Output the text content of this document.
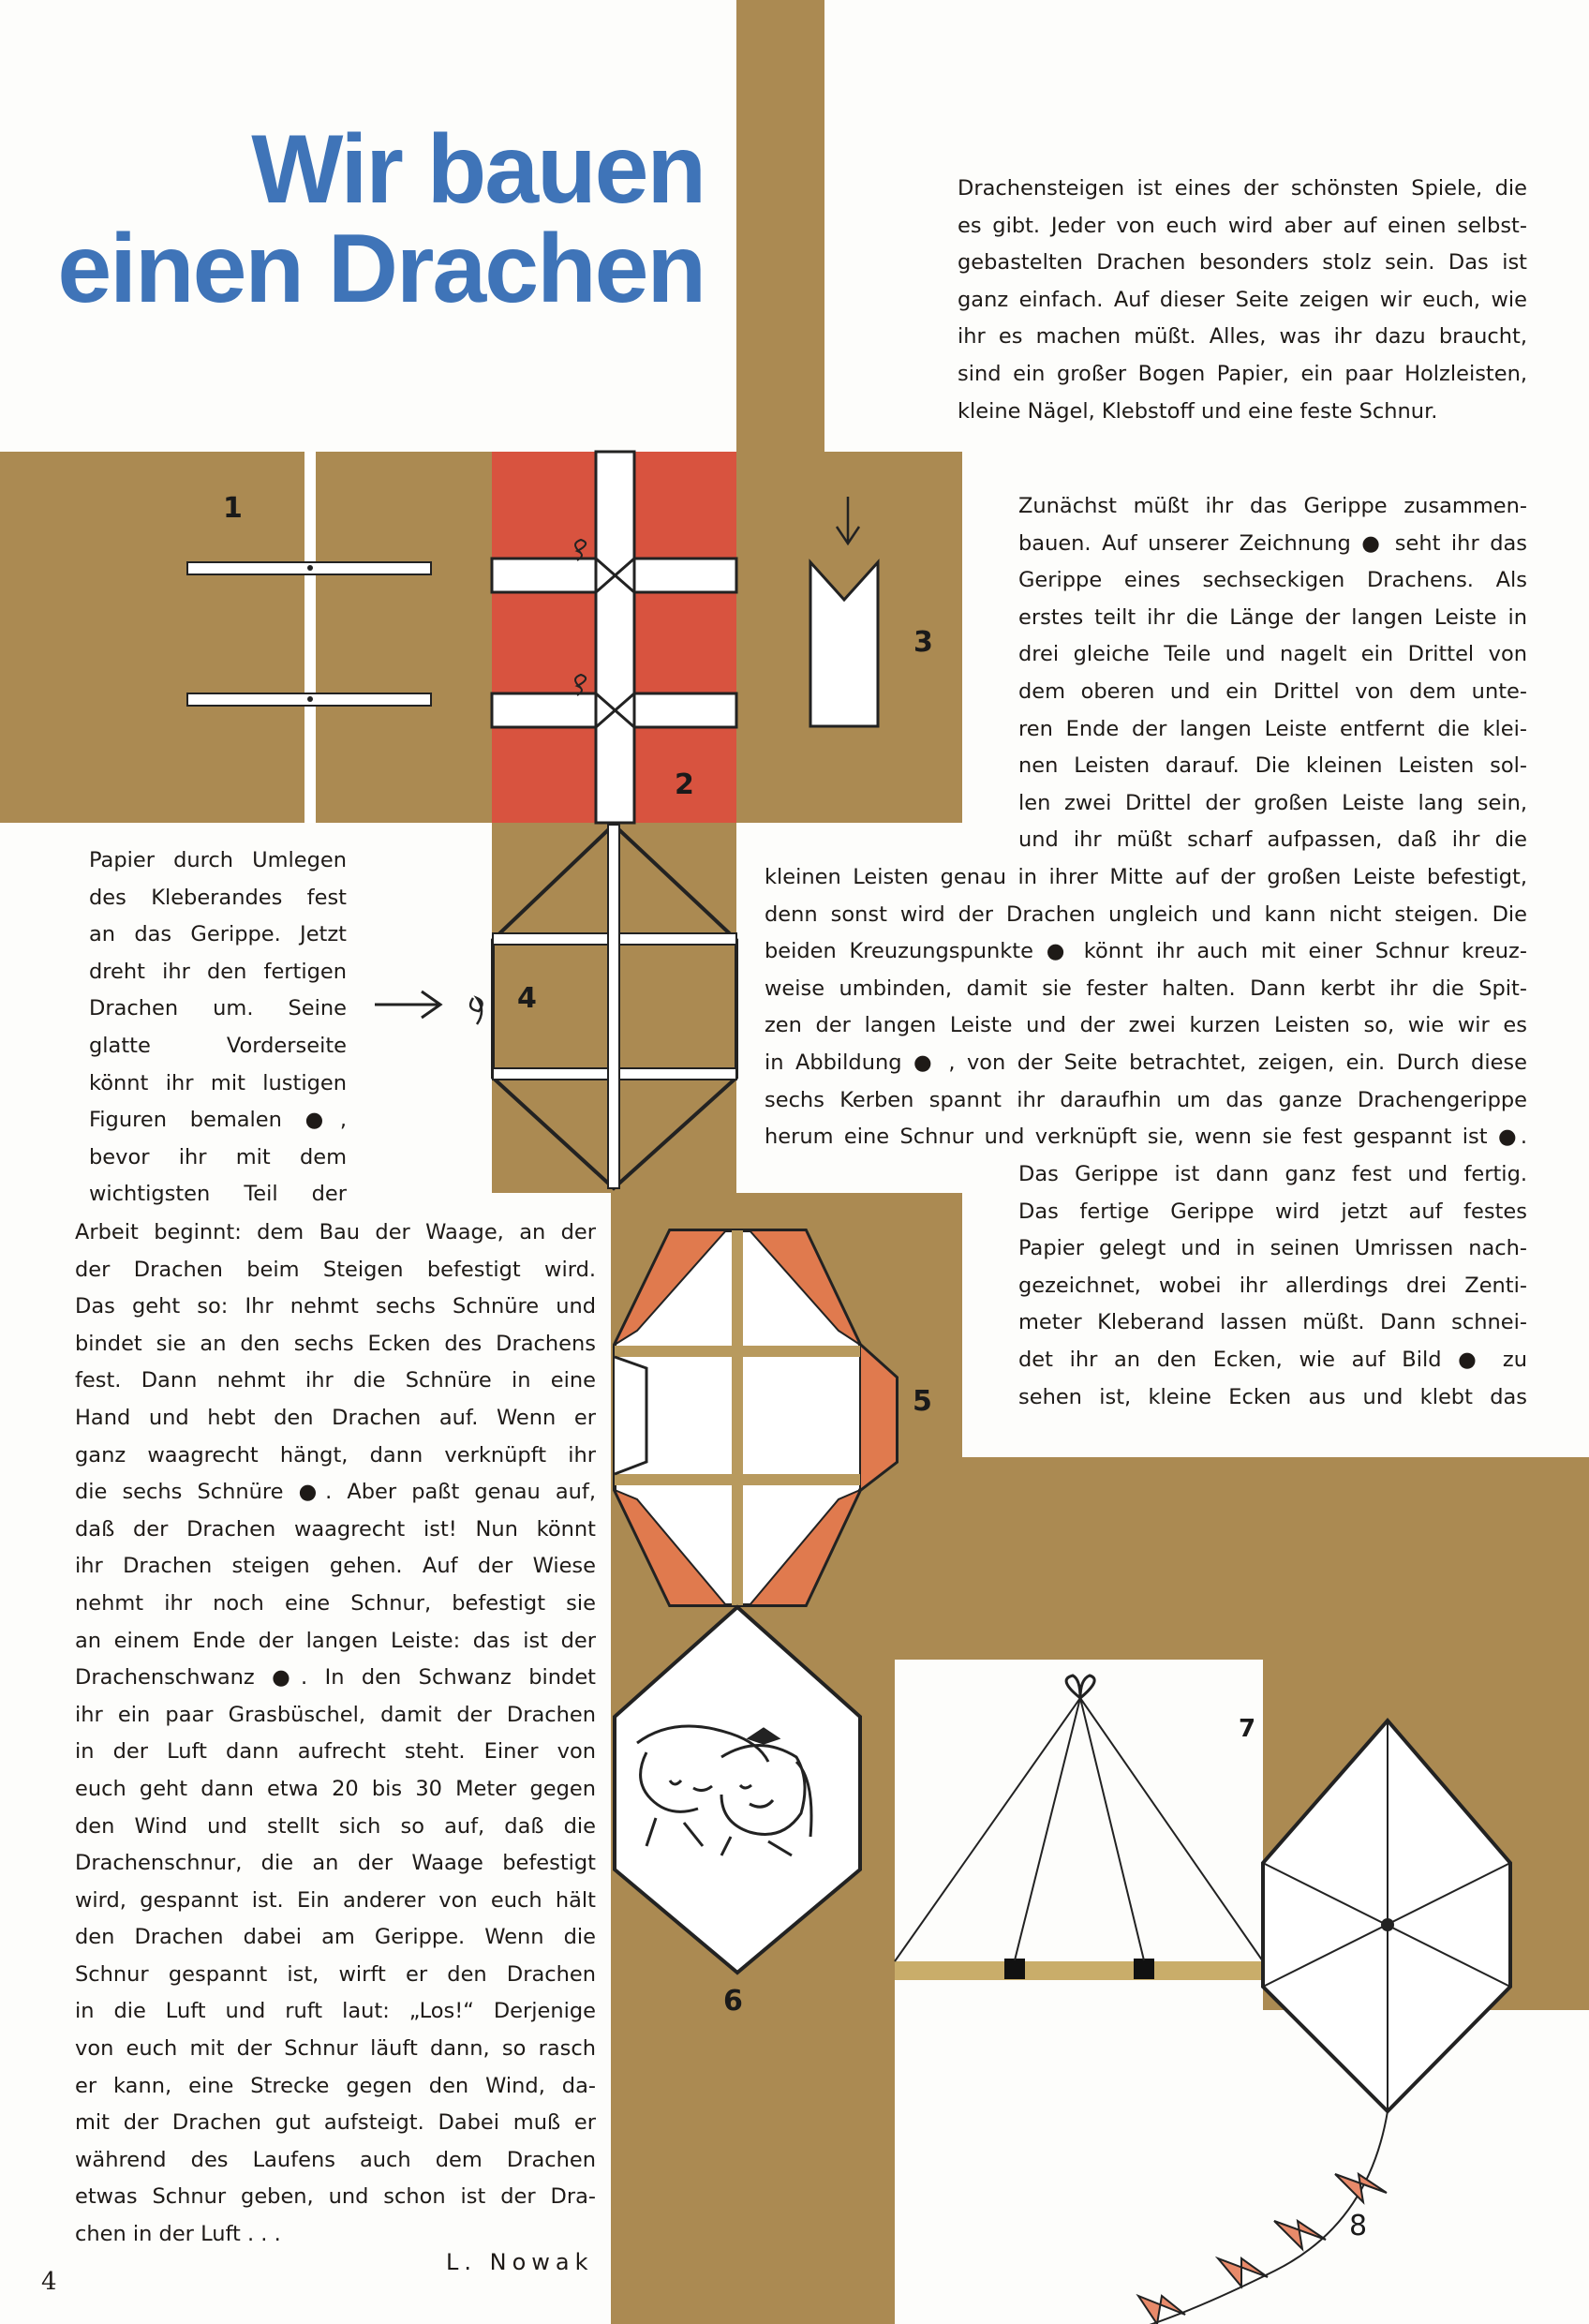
Wir bauen
einen Drachen
Drachensteigen ist eines der schönsten Spiele, die
es gibt. Jeder von euch wird aber auf einen selbst-
gebastelten Drachen besonders stolz sein. Das ist
ganz einfach. Auf dieser Seite zeigen wir euch, wie
ihr es machen müßt. Alles, was ihr dazu braucht,
sind ein großer Bogen Papier, ein paar Holzleisten,
kleine Nägel, Klebstoff und eine feste Schnur.
Zunächst müßt ihr das Gerippe zusammen-
bauen. Auf unserer Zeichnung ● seht ihr das
Gerippe eines sechseckigen Drachens. Als
erstes teilt ihr die Länge der langen Leiste in
drei gleiche Teile und nagelt ein Drittel von
dem oberen und ein Drittel von dem unte-
ren Ende der langen Leiste entfernt die klei-
nen Leisten darauf. Die kleinen Leisten sol-
len zwei Drittel der großen Leiste lang sein,
und ihr müßt scharf aufpassen, daß ihr die
kleinen Leisten genau in ihrer Mitte auf der großen Leiste befestigt,
denn sonst wird der Drachen ungleich und kann nicht steigen. Die
beiden Kreuzungspunkte ● könnt ihr auch mit einer Schnur kreuz-
weise umbinden, damit sie fester halten. Dann kerbt ihr die Spit-
zen der langen Leiste und der zwei kurzen Leisten so, wie wir es
in Abbildung ● , von der Seite betrachtet, zeigen, ein. Durch diese
sechs Kerben spannt ihr daraufhin um das ganze Drachengerippe
herum eine Schnur und verknüpft sie, wenn sie fest gespannt ist ●.
Das Gerippe ist dann ganz fest und fertig.
Das fertige Gerippe wird jetzt auf festes
Papier gelegt und in seinen Umrissen nach-
gezeichnet, wobei ihr allerdings drei Zenti-
meter Kleberand lassen müßt. Dann schnei-
det ihr an den Ecken, wie auf Bild ● zu
sehen ist, kleine Ecken aus und klebt das
Papier durch Umlegen
des Kleberandes fest
an das Gerippe. Jetzt
dreht ihr den fertigen
Drachen um. Seine
glatte Vorderseite
könnt ihr mit lustigen
Figuren bemalen ●,
bevor ihr mit dem
wichtigsten Teil der
Arbeit beginnt: dem Bau der Waage, an der
der Drachen beim Steigen befestigt wird.
Das geht so: Ihr nehmt sechs Schnüre und
bindet sie an den sechs Ecken des Drachens
fest. Dann nehmt ihr die Schnüre in eine
Hand und hebt den Drachen auf. Wenn er
ganz waagrecht hängt, dann verknüpft ihr
die sechs Schnüre ●. Aber paßt genau auf,
daß der Drachen waagrecht ist! Nun könnt
ihr Drachen steigen gehen. Auf der Wiese
nehmt ihr noch eine Schnur, befestigt sie
an einem Ende der langen Leiste: das ist der
Drachenschwanz ●. In den Schwanz bindet
ihr ein paar Grasbüschel, damit der Drachen
in der Luft dann aufrecht steht. Einer von
euch geht dann etwa 20 bis 30 Meter gegen
den Wind und stellt sich so auf, daß die
Drachenschnur, die an der Waage befestigt
wird, gespannt ist. Ein anderer von euch hält
den Drachen dabei am Gerippe. Wenn die
Schnur gespannt ist, wirft er den Drachen
in die Luft und ruft laut: „Los!“ Derjenige
von euch mit der Schnur läuft dann, so rasch
er kann, eine Strecke gegen den Wind, da-
mit der Drachen gut aufsteigt. Dabei muß er
während des Laufens auch dem Drachen
etwas Schnur geben, und schon ist der Dra-
chen in der Luft . . .
1
2
3
4
5
6
7
8
L. Nowak
4
